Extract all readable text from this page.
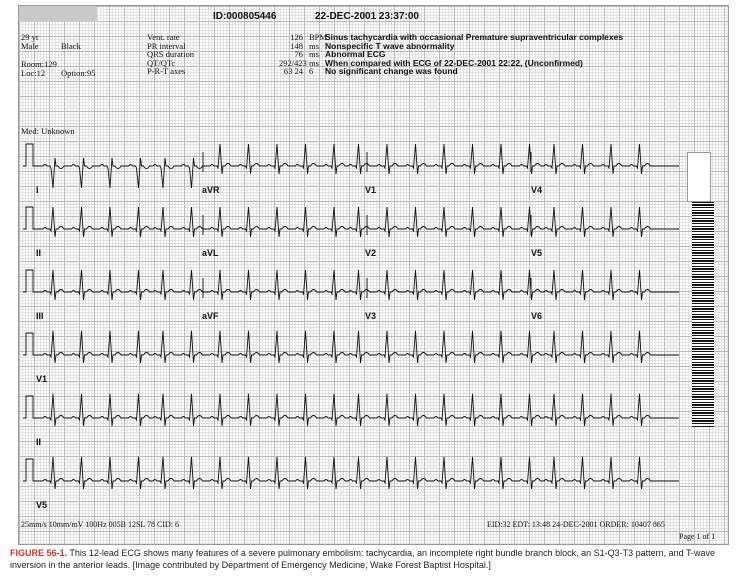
ID:000805446	22-DEC-2001 23:37:00
29 yr
Male	Black
Room:129
Loc:12 Option:95
Vent. rate	126 BPM
PR interval	148 ms
QRS duration	76 ms
QT/QTc	292/423 ms
P-R-T axes	63 24 6
Sinus tachycardia with occasional Premature supraventricular complexes
Nonspecific T wave abnormality
Abnormal ECG
When compared with ECG of 22-DEC-2001 22:22, (Unconfirmed)
No significant change was found
Med: Unknown
I	aVR	V1	V4
II	aVL	V2	V5
III	aVF	V3	V6
V1
II
V5
25mm/s 10mm/mV 100Hz 005B 12SL 78 CID: 6	EID:32 EDT: 13:48 24-DEC-2001 ORDER: 10407 865
Page 1 of 1
FIGURE 56-1. This 12-lead ECG shows many features of a severe pulmonary embolism: tachycardia, an incomplete right bundle branch block, an S1-Q3-T3 pattern, and T-wave inversion in the anterior leads. [Image contributed by Department of Emergency Medicine, Wake Forest Baptist Hospital.]
